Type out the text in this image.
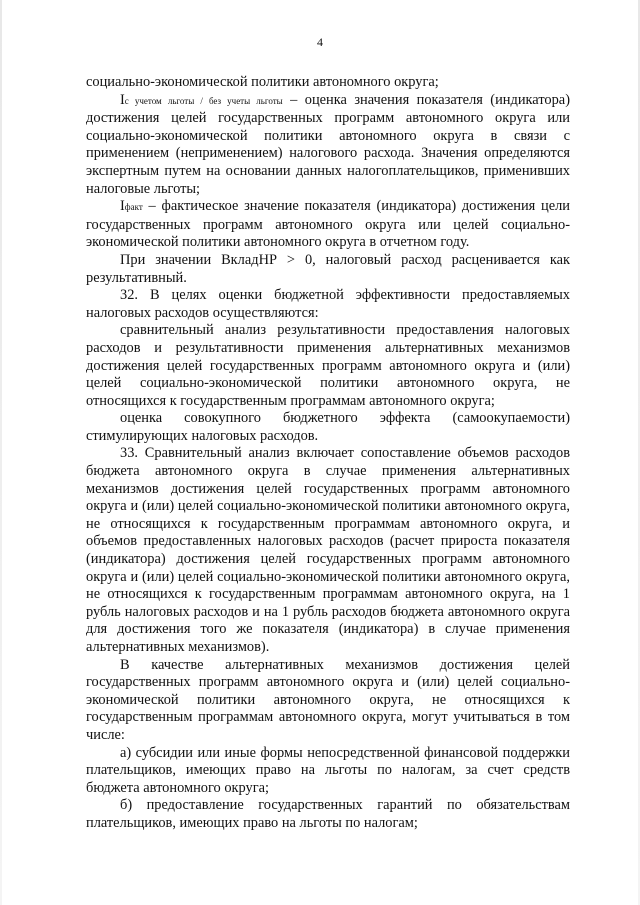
4

социально-экономической политики автономного округа;

Iс учетом льготы / без учеты льготы – оценка значения показателя (индикатора) достижения целей государственных программ автономного округа или социально-экономической политики автономного округа в связи с применением (неприменением) налогового расхода. Значения определяются экспертным путем на основании данных налогоплательщиков, применивших налоговые льготы;

Iфакт – фактическое значение показателя (индикатора) достижения цели государственных программ автономного округа или целей социально-экономической политики автономного округа в отчетном году.

При значении ВкладНР > 0, налоговый расход расценивается как результативный.

32. В целях оценки бюджетной эффективности предоставляемых налоговых расходов осуществляются:

сравнительный анализ результативности предоставления налоговых расходов и результативности применения альтернативных механизмов достижения целей государственных программ автономного округа и (или) целей социально-экономической политики автономного округа, не относящихся к государственным программам автономного округа;

оценка совокупного бюджетного эффекта (самоокупаемости) стимулирующих налоговых расходов.

33. Сравнительный анализ включает сопоставление объемов расходов бюджета автономного округа в случае применения альтернативных механизмов достижения целей государственных программ автономного округа и (или) целей социально-экономической политики автономного округа, не относящихся к государственным программам автономного округа, и объемов предоставленных налоговых расходов (расчет прироста показателя (индикатора) достижения целей государственных программ автономного округа и (или) целей социально-экономической политики автономного округа, не относящихся к государственным программам автономного округа, на 1 рубль налоговых расходов и на 1 рубль расходов бюджета автономного округа для достижения того же показателя (индикатора) в случае применения альтернативных механизмов).

В качестве альтернативных механизмов достижения целей государственных программ автономного округа и (или) целей социально-экономической политики автономного округа, не относящихся к государственным программам автономного округа, могут учитываться в том числе:

а) субсидии или иные формы непосредственной финансовой поддержки плательщиков, имеющих право на льготы по налогам, за счет средств бюджета автономного округа;

б) предоставление государственных гарантий по обязательствам плательщиков, имеющих право на льготы по налогам;
